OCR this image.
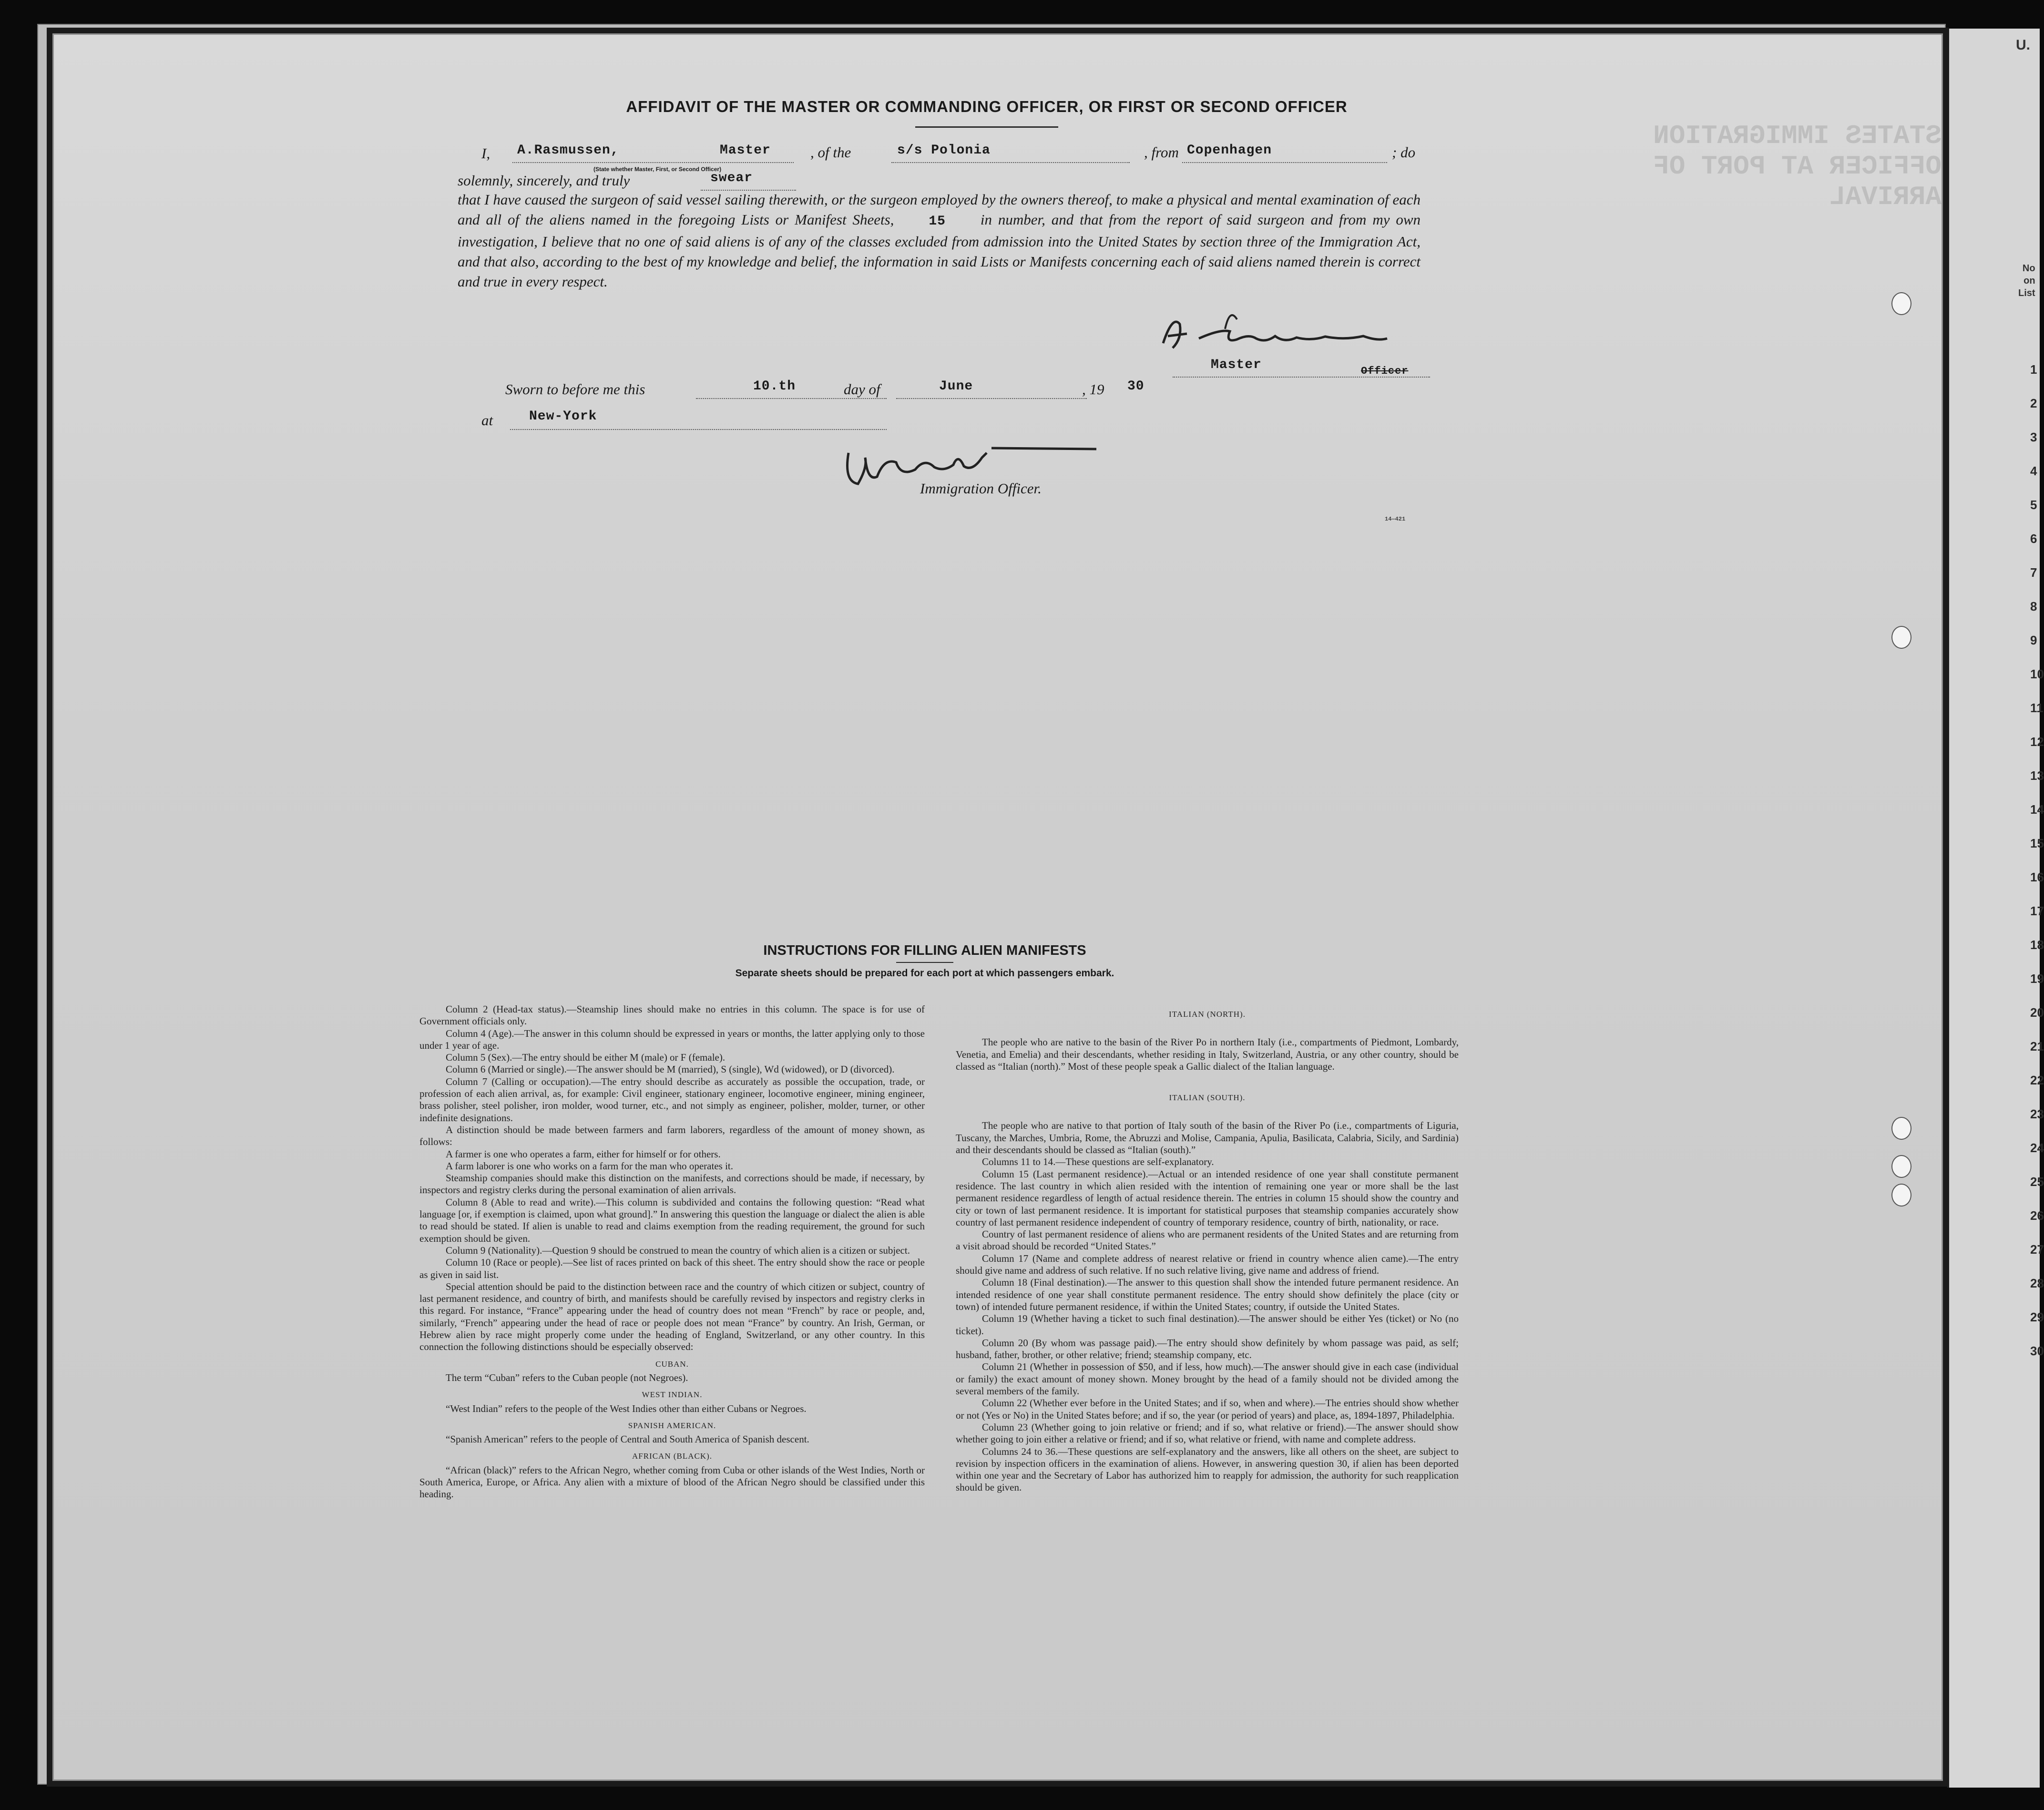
U.
No
on
List
1
2
3
4
5
6
7
8
9
10
11
12
13
14
15
16
17
18
19
20
21
22
23
24
25
26
27
28
29
30
STATES IMMIGRATION OFFICER AT PORT OF ARRIVAL
AFFIDAVIT OF THE MASTER OR COMMANDING OFFICER, OR FIRST OR SECOND OFFICER
I, A.Rasmussen,	Master
(State whether Master, First, or Second Officer)
, of the	s/s Polonia	, from Copenhagen	; do
solemnly, sincerely, and truly	swear
that I have caused the surgeon of said vessel sailing therewith, or the surgeon employed by the owners thereof, to make a physical and mental examination of each and all of the aliens named in the foregoing Lists or Manifest Sheets,	15 in number, and that from the report of said surgeon and from my own investigation, I believe that no one of said aliens is of any of the classes excluded from admission into the United States by section three of the Immigration Act, and that also, according to the best of my knowledge and belief, the information in said Lists or Manifests concerning each of said aliens named therein is correct and true in every respect.
Master	Officer
Sworn to before me this	10.th	day of	June	, 19 30
at	New-York
Immigration Officer.
14—421
INSTRUCTIONS FOR FILLING ALIEN MANIFESTS
Separate sheets should be prepared for each port at which passengers embark.

Column 2 (Head-tax status).—Steamship lines should make no entries in this column. The space is for use of Government officials only.

Column 4 (Age).—The answer in this column should be expressed in years or months, the latter applying only to those under 1 year of age.

Column 5 (Sex).—The entry should be either M (male) or F (female).

Column 6 (Married or single).—The answer should be M (married), S (single), Wd (widowed), or D (divorced).

Column 7 (Calling or occupation).—The entry should describe as accurately as possible the occupation, trade, or profession of each alien arrival, as, for example: Civil engineer, stationary engineer, locomotive engineer, mining engineer, brass polisher, steel polisher, iron molder, wood turner, etc., and not simply as engineer, polisher, molder, turner, or other indefinite designations.

A distinction should be made between farmers and farm laborers, regardless of the amount of money shown, as follows:

A farmer is one who operates a farm, either for himself or for others.

A farm laborer is one who works on a farm for the man who operates it.

Steamship companies should make this distinction on the manifests, and corrections should be made, if necessary, by inspectors and registry clerks during the personal examination of alien arrivals.

Column 8 (Able to read and write).—This column is subdivided and contains the following question: “Read what language [or, if exemption is claimed, upon what ground].” In answering this question the language or dialect the alien is able to read should be stated. If alien is unable to read and claims exemption from the reading requirement, the ground for such exemption should be given.

Column 9 (Nationality).—Question 9 should be construed to mean the country of which alien is a citizen or subject.

Column 10 (Race or people).—See list of races printed on back of this sheet. The entry should show the race or people as given in said list.

Special attention should be paid to the distinction between race and the country of which citizen or subject, country of last permanent residence, and country of birth, and manifests should be carefully revised by inspectors and registry clerks in this regard. For instance, “France” appearing under the head of country does not mean “French” by race or people, and, similarly, “French” appearing under the head of race or people does not mean “France” by country. An Irish, German, or Hebrew alien by race might properly come under the heading of England, Switzerland, or any other country. In this connection the following distinctions should be especially observed:

CUBAN.

The term “Cuban” refers to the Cuban people (not Negroes).

WEST INDIAN.

“West Indian” refers to the people of the West Indies other than either Cubans or Negroes.

SPANISH AMERICAN.

“Spanish American” refers to the people of Central and South America of Spanish descent.

AFRICAN (BLACK).

“African (black)” refers to the African Negro, whether coming from Cuba or other islands of the West Indies, North or South America, Europe, or Africa. Any alien with a mixture of blood of the African Negro should be classified under this heading.

ITALIAN (NORTH).

The people who are native to the basin of the River Po in northern Italy (i.e., compartments of Piedmont, Lombardy, Venetia, and Emelia) and their descendants, whether residing in Italy, Switzerland, Austria, or any other country, should be classed as “Italian (north).” Most of these people speak a Gallic dialect of the Italian language.

ITALIAN (SOUTH).

The people who are native to that portion of Italy south of the basin of the River Po (i.e., compartments of Liguria, Tuscany, the Marches, Umbria, Rome, the Abruzzi and Molise, Campania, Apulia, Basilicata, Calabria, Sicily, and Sardinia) and their descendants should be classed as “Italian (south).”

Columns 11 to 14.—These questions are self-explanatory.

Column 15 (Last permanent residence).—Actual or an intended residence of one year shall constitute permanent residence. The last country in which alien resided with the intention of remaining one year or more shall be the last permanent residence regardless of length of actual residence therein. The entries in column 15 should show the country and city or town of last permanent residence. It is important for statistical purposes that steamship companies accurately show country of last permanent residence independent of country of temporary residence, country of birth, nationality, or race.

Country of last permanent residence of aliens who are permanent residents of the United States and are returning from a visit abroad should be recorded “United States.”

Column 17 (Name and complete address of nearest relative or friend in country whence alien came).—The entry should give name and address of such relative. If no such relative living, give name and address of friend.

Column 18 (Final destination).—The answer to this question shall show the intended future permanent residence. An intended residence of one year shall constitute permanent residence. The entry should show definitely the place (city or town) of intended future permanent residence, if within the United States; country, if outside the United States.

Column 19 (Whether having a ticket to such final destination).—The answer should be either Yes (ticket) or No (no ticket).

Column 20 (By whom was passage paid).—The entry should show definitely by whom passage was paid, as self; husband, father, brother, or other relative; friend; steamship company, etc.

Column 21 (Whether in possession of $50, and if less, how much).—The answer should give in each case (individual or family) the exact amount of money shown. Money brought by the head of a family should not be divided among the several members of the family.

Column 22 (Whether ever before in the United States; and if so, when and where).—The entries should show whether or not (Yes or No) in the United States before; and if so, the year (or period of years) and place, as, 1894-1897, Philadelphia.

Column 23 (Whether going to join relative or friend; and if so, what relative or friend).—The answer should show whether going to join either a relative or friend; and if so, what relative or friend, with name and complete address.

Columns 24 to 36.—These questions are self-explanatory and the answers, like all others on the sheet, are subject to revision by inspection officers in the examination of aliens. However, in answering question 30, if alien has been deported within one year and the Secretary of Labor has authorized him to reapply for admission, the authority for such reapplication should be given.
